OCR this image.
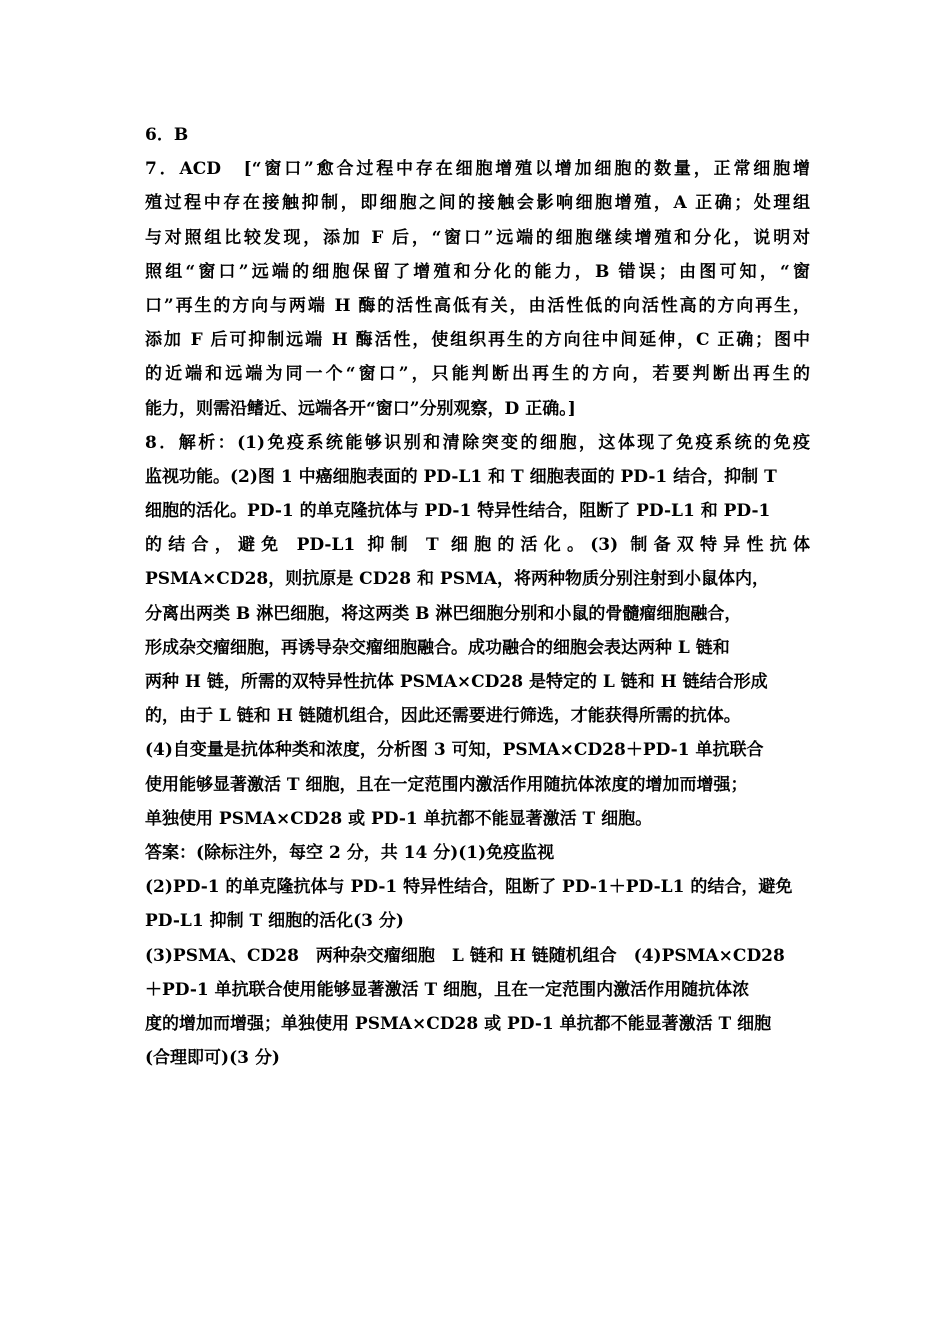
6．B
7．ACD　[“窗口”愈合过程中存在细胞增殖以增加细胞的数量，正常细胞增
殖过程中存在接触抑制，即细胞之间的接触会影响细胞增殖，A 正确；处理组
与对照组比较发现，添加 F 后，“窗口”远端的细胞继续增殖和分化，说明对
照组“窗口”远端的细胞保留了增殖和分化的能力，B 错误；由图可知，“窗
口”再生的方向与两端 H 酶的活性高低有关，由活性低的向活性高的方向再生，
添加 F 后可抑制远端 H 酶活性，使组织再生的方向往中间延伸，C 正确；图中
的近端和远端为同一个“窗口”，只能判断出再生的方向，若要判断出再生的
能力，则需沿鳍近、远端各开“窗口”分别观察，D 正确。]
8．解析：(1)免疫系统能够识别和清除突变的细胞，这体现了免疫系统的免疫
监视功能。(2)图 1 中癌细胞表面的 PD-L1 和 T 细胞表面的 PD-1 结合，抑制 T
细胞的活化。PD-1 的单克隆抗体与 PD-1 特异性结合，阻断了 PD-L1 和 PD-1
的结合，避免 PD-L1 抑制 T 细胞的活化。(3) 制备双特异性抗体
PSMA×CD28，则抗原是 CD28 和 PSMA，将两种物质分别注射到小鼠体内，
分离出两类 B 淋巴细胞，将这两类 B 淋巴细胞分别和小鼠的骨髓瘤细胞融合，
形成杂交瘤细胞，再诱导杂交瘤细胞融合。成功融合的细胞会表达两种 L 链和
两种 H 链，所需的双特异性抗体 PSMA×CD28 是特定的 L 链和 H 链结合形成
的，由于 L 链和 H 链随机组合，因此还需要进行筛选，才能获得所需的抗体。
(4)自变量是抗体种类和浓度，分析图 3 可知，PSMA×CD28＋PD-1 单抗联合
使用能够显著激活 T 细胞，且在一定范围内激活作用随抗体浓度的增加而增强；
单独使用 PSMA×CD28 或 PD-1 单抗都不能显著激活 T 细胞。
答案：(除标注外，每空 2 分，共 14 分)(1)免疫监视
(2)PD-1 的单克隆抗体与 PD-1 特异性结合，阻断了 PD-1＋PD-L1 的结合，避免
PD-L1 抑制 T 细胞的活化(3 分)
(3)PSMA、CD28　两种杂交瘤细胞　L 链和 H 链随机组合　(4)PSMA×CD28
＋PD-1 单抗联合使用能够显著激活 T 细胞，且在一定范围内激活作用随抗体浓
度的增加而增强；单独使用 PSMA×CD28 或 PD-1 单抗都不能显著激活 T 细胞
(合理即可)(3 分)
